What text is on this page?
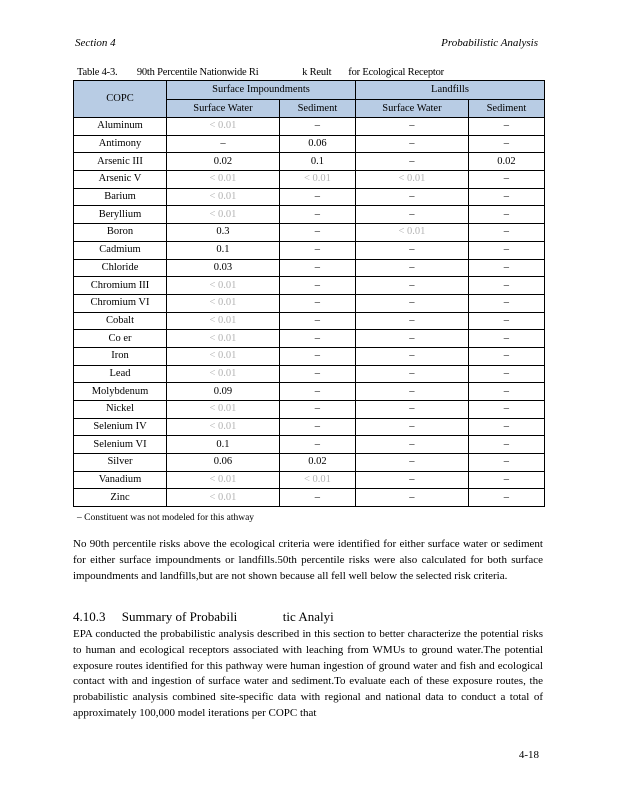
Section 4	Probabilistic Analysis
Table 4-3.        90th Percentile Nationwide Ri                  k Reult       for Ecological Receptor
COPC	Surface Impoundments		Landfills	
	Surface Water	Sediment	Surface Water	Sediment
Aluminum	< 0.01	–	–	–
Antimony	–	0.06	–	–
Arsenic III	0.02	0.1	–	0.02
Arsenic V	< 0.01	< 0.01	< 0.01	–
Barium	< 0.01	–	–	–
Beryllium	< 0.01	–	–	–
Boron	0.3	–	< 0.01	–
Cadmium	0.1	–	–	–
Chloride	0.03	–	–	–
Chromium III	< 0.01	–	–	–
Chromium VI	< 0.01	–	–	–
Cobalt	< 0.01	–	–	–
Co er	< 0.01	–	–	–
Iron	< 0.01	–	–	–
Lead	< 0.01	–	–	–
Molybdenum	0.09	–	–	–
Nickel	< 0.01	–	–	–
Selenium IV	< 0.01	–	–	–
Selenium VI	0.1	–	–	–
Silver	0.06	0.02	–	–
Vanadium	< 0.01	< 0.01	–	–
Zinc	< 0.01	–	–	–
– Constituent was not modeled for this athway

No 90th percentile risks above the ecological criteria were identified for either surface water or sediment for either surface impoundments or landfills.50th percentile risks were also calculated for both surface impoundments and landfills,but are not shown because all fell well below the selected risk criteria.

4.10.3     Summary of Probabili              tic Analyi

EPA conducted the probabilistic analysis described in this section to better characterize the potential risks to human and ecological receptors associated with leaching from WMUs to ground water.The potential exposure routes identified for this pathway were human ingestion of ground water and fish and ecological contact with and ingestion of surface water and sediment.To evaluate each of these exposure routes, the probabilistic analysis combined site-specific data with regional and national data to conduct a total of approximately 100,000 model iterations per COPC that

4-18
